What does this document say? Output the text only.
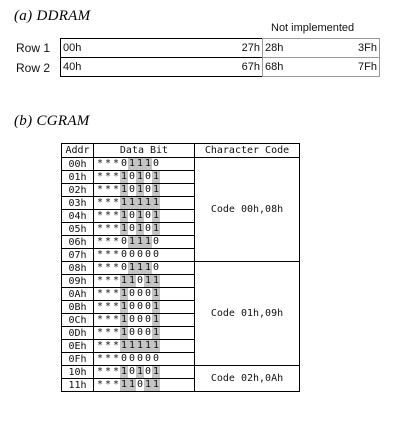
(a) DDRAM
Not implemented
Row 1 00h	27h 28h	3Fh
Row 2 40h	67h 68h	7Fh
(b) CGRAM
Addr	Data Bit	Character Code
00h	* * * 0 1 1 1 0	Code 00h,08h
01h	* * * 1 0 1 0 1	
02h	* * * 1 0 1 0 1	
03h	* * * 1 1 1 1 1	
04h	* * * 1 0 1 0 1	
05h	* * * 1 0 1 0 1	
06h	* * * 0 1 1 1 0	
07h	* * * 0 0 0 0 0	
08h	* * * 0 1 1 1 0	Code 01h,09h
09h	* * * 1 1 0 1 1	
0Ah	* * * 1 0 0 0 1	
0Bh	* * * 1 0 0 0 1	
0Ch	* * * 1 0 0 0 1	
0Dh	* * * 1 0 0 0 1	
0Eh	* * * 1 1 1 1 1	
0Fh	* * * 0 0 0 0 0	
10h	* * * 1 0 1 0 1	Code 02h,0Ah
11h	* * * 1 1 0 1 1	
